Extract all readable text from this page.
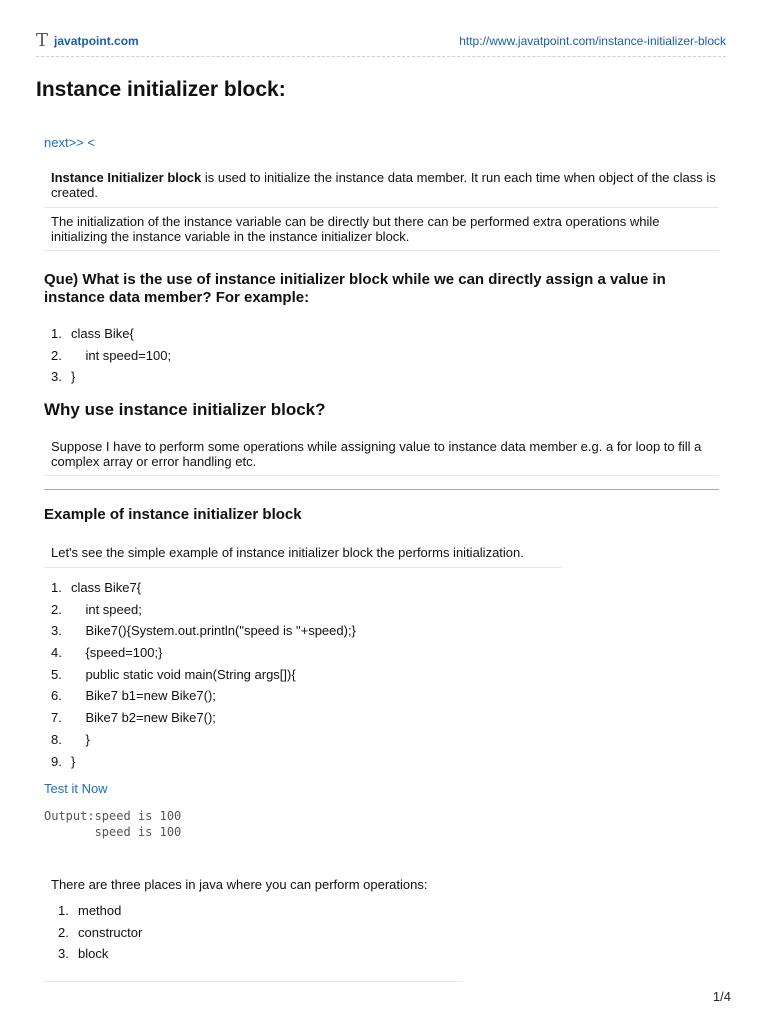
T javatpoint.com	http://www.javatpoint.com/instance-initializer-block
Instance initializer block:
next>> <
Instance Initializer block is used to initialize the instance data member. It run each time when object of the class is created.
The initialization of the instance variable can be directly but there can be performed extra operations while initializing the instance variable in the instance initializer block.
Que) What is the use of instance initializer block while we can directly assign a value in instance data member? For example:
1. class Bike{
2. int speed=100;
3. }
Why use instance initializer block?
Suppose I have to perform some operations while assigning value to instance data member e.g. a for loop to fill a complex array or error handling etc.
Example of instance initializer block
Let's see the simple example of instance initializer block the performs initialization.
1. class Bike7{
2. int speed;
3. Bike7(){System.out.println("speed is "+speed);}
4. {speed=100;}
5. public static void main(String args[]){
6. Bike7 b1=new Bike7();
7. Bike7 b2=new Bike7();
8. }
9. }
Test it Now
Output:speed is 100
speed is 100
There are three places in java where you can perform operations:
1. method
2. constructor
3. block
1/4
